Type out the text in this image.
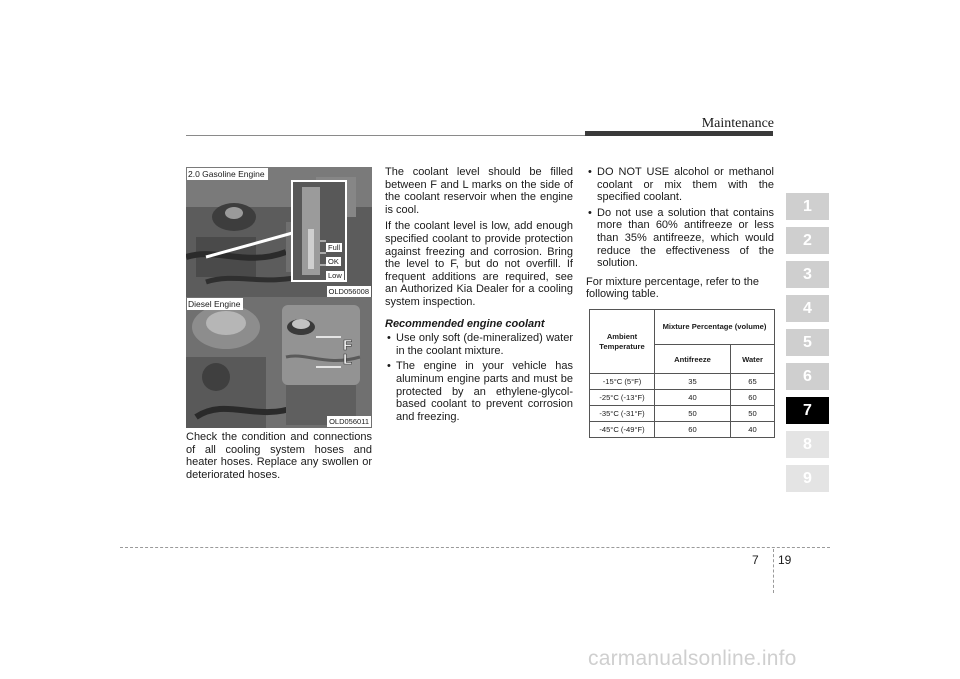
Maintenance
1
2
3
4
5
6
7
8
9
2.0 Gasoline Engine
Full
OK
Low
OLD056008
Diesel Engine
F
L
OLD056011

Check the condition and connections of all cooling system hoses and heater hoses. Replace any swollen or deteriorated hoses.

The coolant level should be filled between F and L marks on the side of the coolant reservoir when the engine is cool.

If the coolant level is low, add enough specified coolant to provide protection against freezing and corrosion. Bring the level to F, but do not overfill. If frequent additions are required, see an Authorized Kia Dealer for a cooling system inspection.

Recommended engine coolant
• Use only soft (de-mineralized) water in the coolant mixture.
• The engine in your vehicle has aluminum engine parts and must be protected by an ethylene-glycol-based coolant to prevent corrosion and freezing.
• DO NOT USE alcohol or methanol coolant or mix them with the specified coolant.
• Do not use a solution that contains more than 60% antifreeze or less than 35% antifreeze, which would reduce the effectiveness of the solution.

For mixture percentage, refer to the following table.

Ambient Temperature	Mixture Percentage (volume)	
	Antifreeze	Water
-15°C (5°F)	35	65
-25°C (-13°F)	40	60
-35°C (-31°F)	50	50
-45°C (-49°F)	60	40
7 19
carmanualsonline.info
